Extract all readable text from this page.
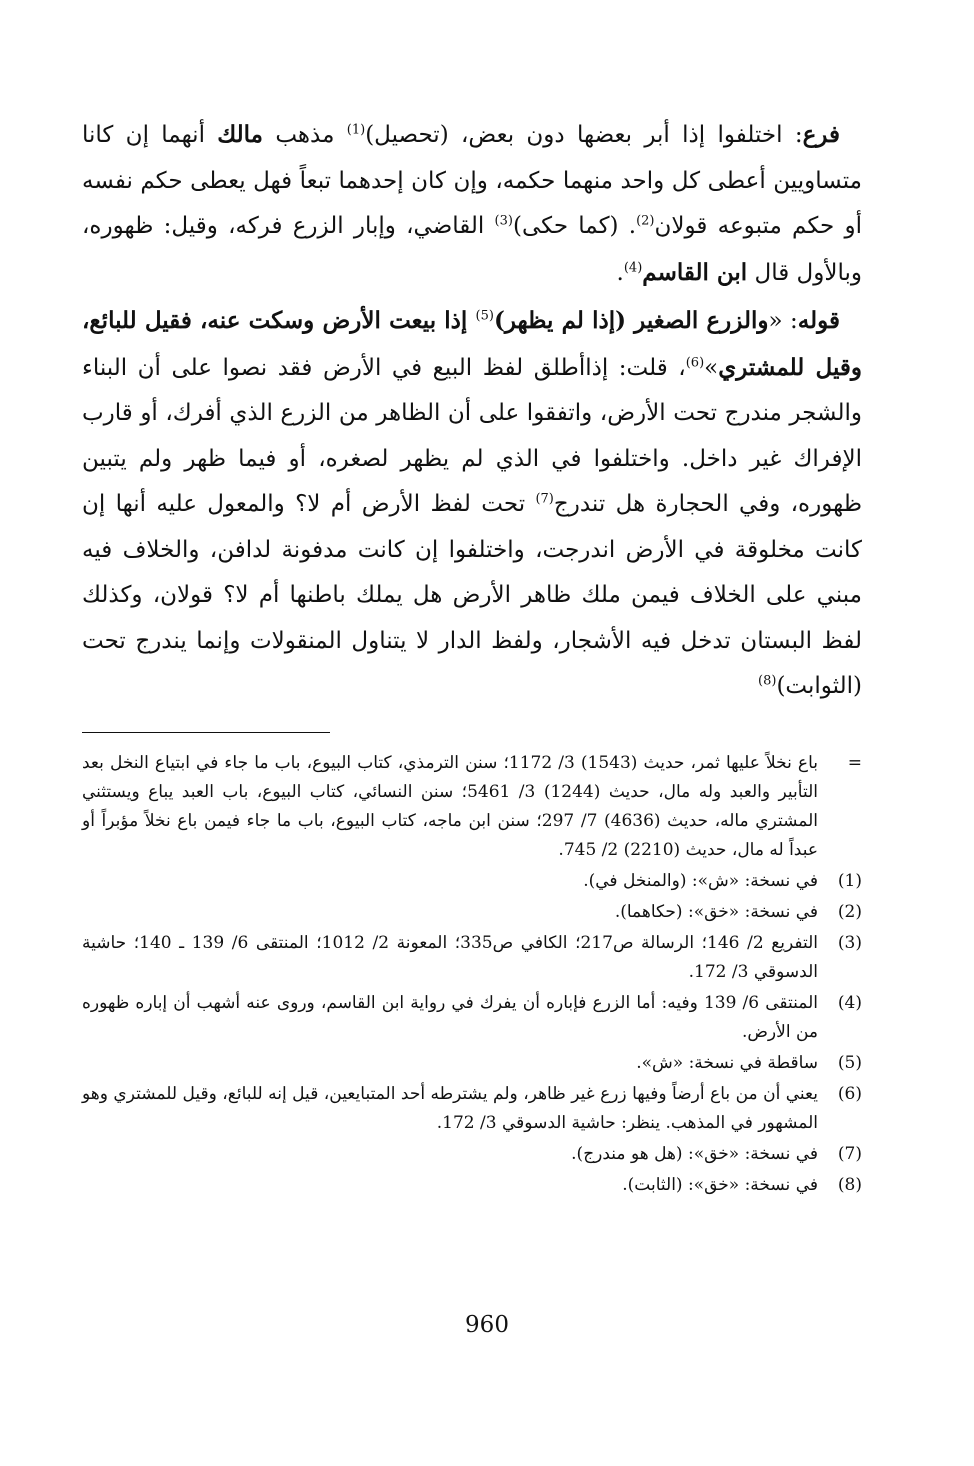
فرع: اختلفوا إذا أبر بعضها دون بعض، (تحصيل)$^{(1)}$ مذهب مالك أنهما إن كانا متساويين أعطى كل واحد منهما حكمه، وإن كان إحدهما تبعاً فهل يعطى حكم نفسه أو حكم متبوعه قولان$^{(2)}$. (كما حكى)$^{(3)}$ القاضي، وإبار الزرع فركه، وقيل: ظهوره، وبالأول قال ابن القاسم$^{(4)}$.

قوله: «والزرع الصغير (إذا لم يظهر)$^{(5)}$ إذا بيعت الأرض وسكت عنه، فقيل للبائع، وقيل للمشتري»$^{(6)}$، قلت: إذاأطلق لفظ البيع في الأرض فقد نصوا على أن البناء والشجر مندرج تحت الأرض، واتفقوا على أن الظاهر من الزرع الذي أفرك، أو قارب الإفراك غير داخل. واختلفوا في الذي لم يظهر لصغره، أو فيما ظهر ولم يتبين ظهوره، وفي الحجارة هل تندرج$^{(7)}$ تحت لفظ الأرض أم لا؟ والمعول عليه أنها إن كانت مخلوقة في الأرض اندرجت، واختلفوا إن كانت مدفونة لدافن، والخلاف فيه مبني على الخلاف فيمن ملك ظاهر الأرض هل يملك باطنها أم لا؟ قولان، وكذلك لفظ البستان تدخل فيه الأشجار، ولفظ الدار لا يتناول المنقولات وإنما يندرج تحت (الثوابت)$^{(8)}$

=
باع نخلاً عليها ثمر، حديث (1543) 3/ 1172؛ سنن الترمذي، كتاب البيوع، باب ما جاء في ابتياع النخل بعد التأبير والعبد وله مال، حديث (1244) 3/ 5461؛ سنن النسائي، كتاب البيوع، باب العبد يباع ويستثني المشتري ماله، حديث (4636) 7/ 297؛ سنن ابن ماجه، كتاب البيوع، باب ما جاء فيمن باع نخلاً مؤبراً أو عبداً له مال، حديث (2210) 2/ 745.
(1)
في نسخة: «ش»: (والمنخل في).
(2)
في نسخة: «خق»: (حكاهما).
(3)
التفريع 2/ 146؛ الرسالة ص217؛ الكافي ص335؛ المعونة 2/ 1012؛ المنتقى 6/ 139 ـ 140؛ حاشية الدسوقي 3/ 172.
(4)
المنتقى 6/ 139 وفيه: أما الزرع فإباره أن يفرك في رواية ابن القاسم، وروى عنه أشهب أن إباره ظهوره من الأرض.
(5)
ساقطة في نسخة: «ش».
(6)
يعني أن من باع أرضاً وفيها زرع غير ظاهر، ولم يشترطه أحد المتبايعين، قيل إنه للبائع، وقيل للمشتري وهو المشهور في المذهب. ينظر: حاشية الدسوقي 3/ 172.
(7)
في نسخة: «خق»: (هل هو مندرج).
(8)
في نسخة: «خق»: (الثابت).
960
